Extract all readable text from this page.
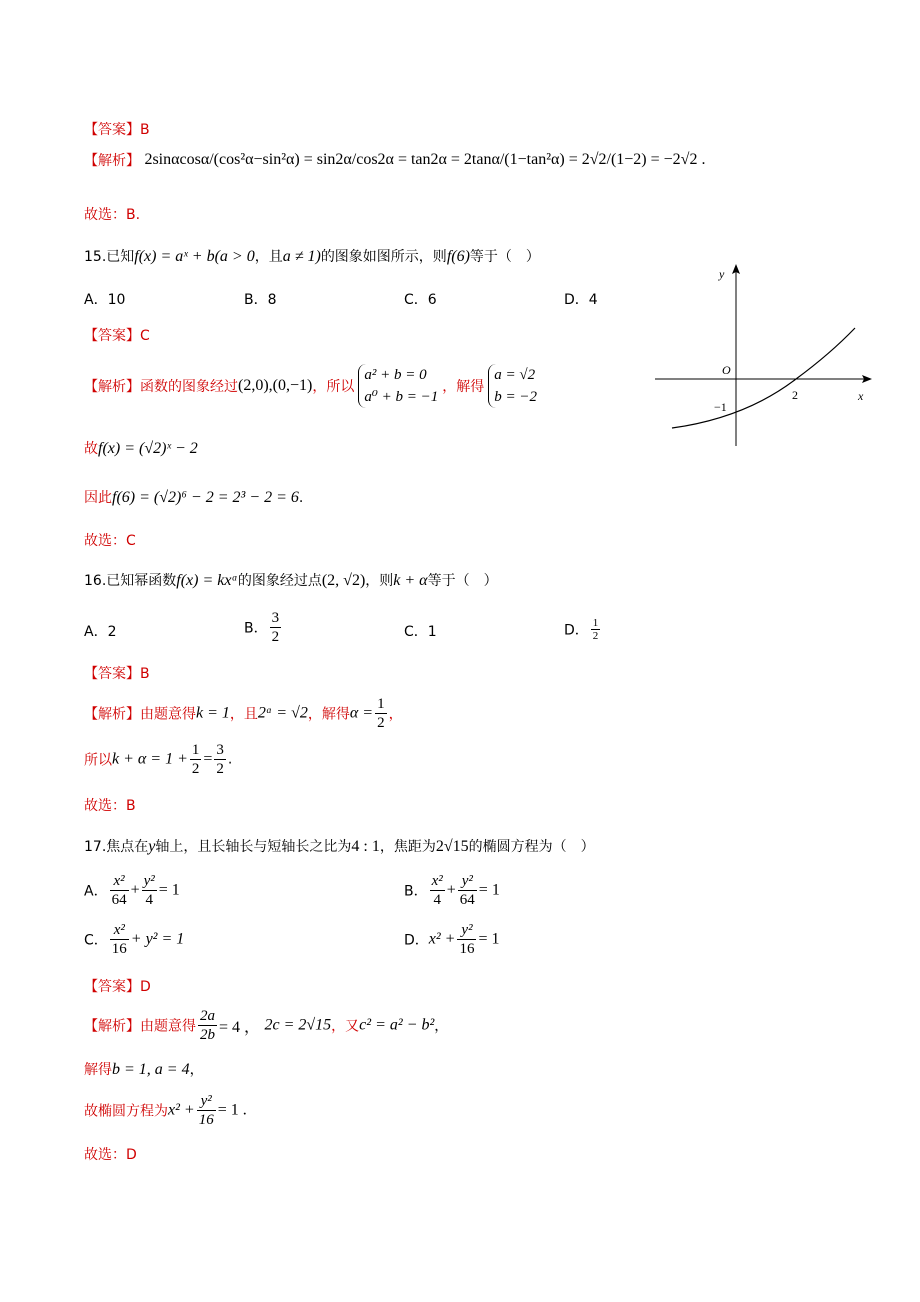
【答案】B
【解析】 2sinαcosα/(cos²α−sin²α) = sin2α/cos2α = tan2α = 2tanα/(1−tan²α) = 2√2/(1−2) = −2√2 .
故选：B.
15.已知f(x) = aˣ + b(a > 0，且a ≠ 1)的图象如图所示，则f(6)等于（　）
A．10	B．8	C．6	D．4
【答案】C
【解析】函数的图象经过(2,0),(0,−1)，所以
a² + b = 0
a⁰ + b = −1
，解得
a = √2
b = −2
故f(x) = (√2)ˣ − 2
因此f(6) = (√2)⁶ − 2 = 2³ − 2 = 6.
故选：C
y
x
O
2
−1
16.已知幂函数f(x) = kxᵅ的图象经过点(2, √2)，则k + α等于（　）
A．2	B． $\frac{3}{2}$	C．1	D． $\frac{1}{2}$
【答案】B
【解析】由题意得k = 1，且2ᵅ = √2，解得$\alpha = \frac{1}{2}$ ，
所以$k + \alpha = 1 + \frac{1}{2} = \frac{3}{2}$ .
故选：B
17.焦点在y轴上，且长轴长与短轴长之比为4 : 1，焦距为2√15的椭圆方程为（　）
A． $\frac{\text{x²}}{64} + \frac{\text{y²}}{4} = 1$	B． $\frac{\text{x²}}{4} + \frac{\text{y²}}{64} = 1$
C． $\frac{\text{x²}}{16} + y^2 = 1$	D．$x^2 + \frac{\text{y²}}{16} = 1$
【答案】D
【解析】由题意得 $\frac{2a}{2b} = 4$ ， 2c = 2√15，又c² = a² − b²，
解得b = 1, a = 4，
故椭圆方程为$x^2 + \frac{\text{y²}}{16} = 1$ .
故选：D
